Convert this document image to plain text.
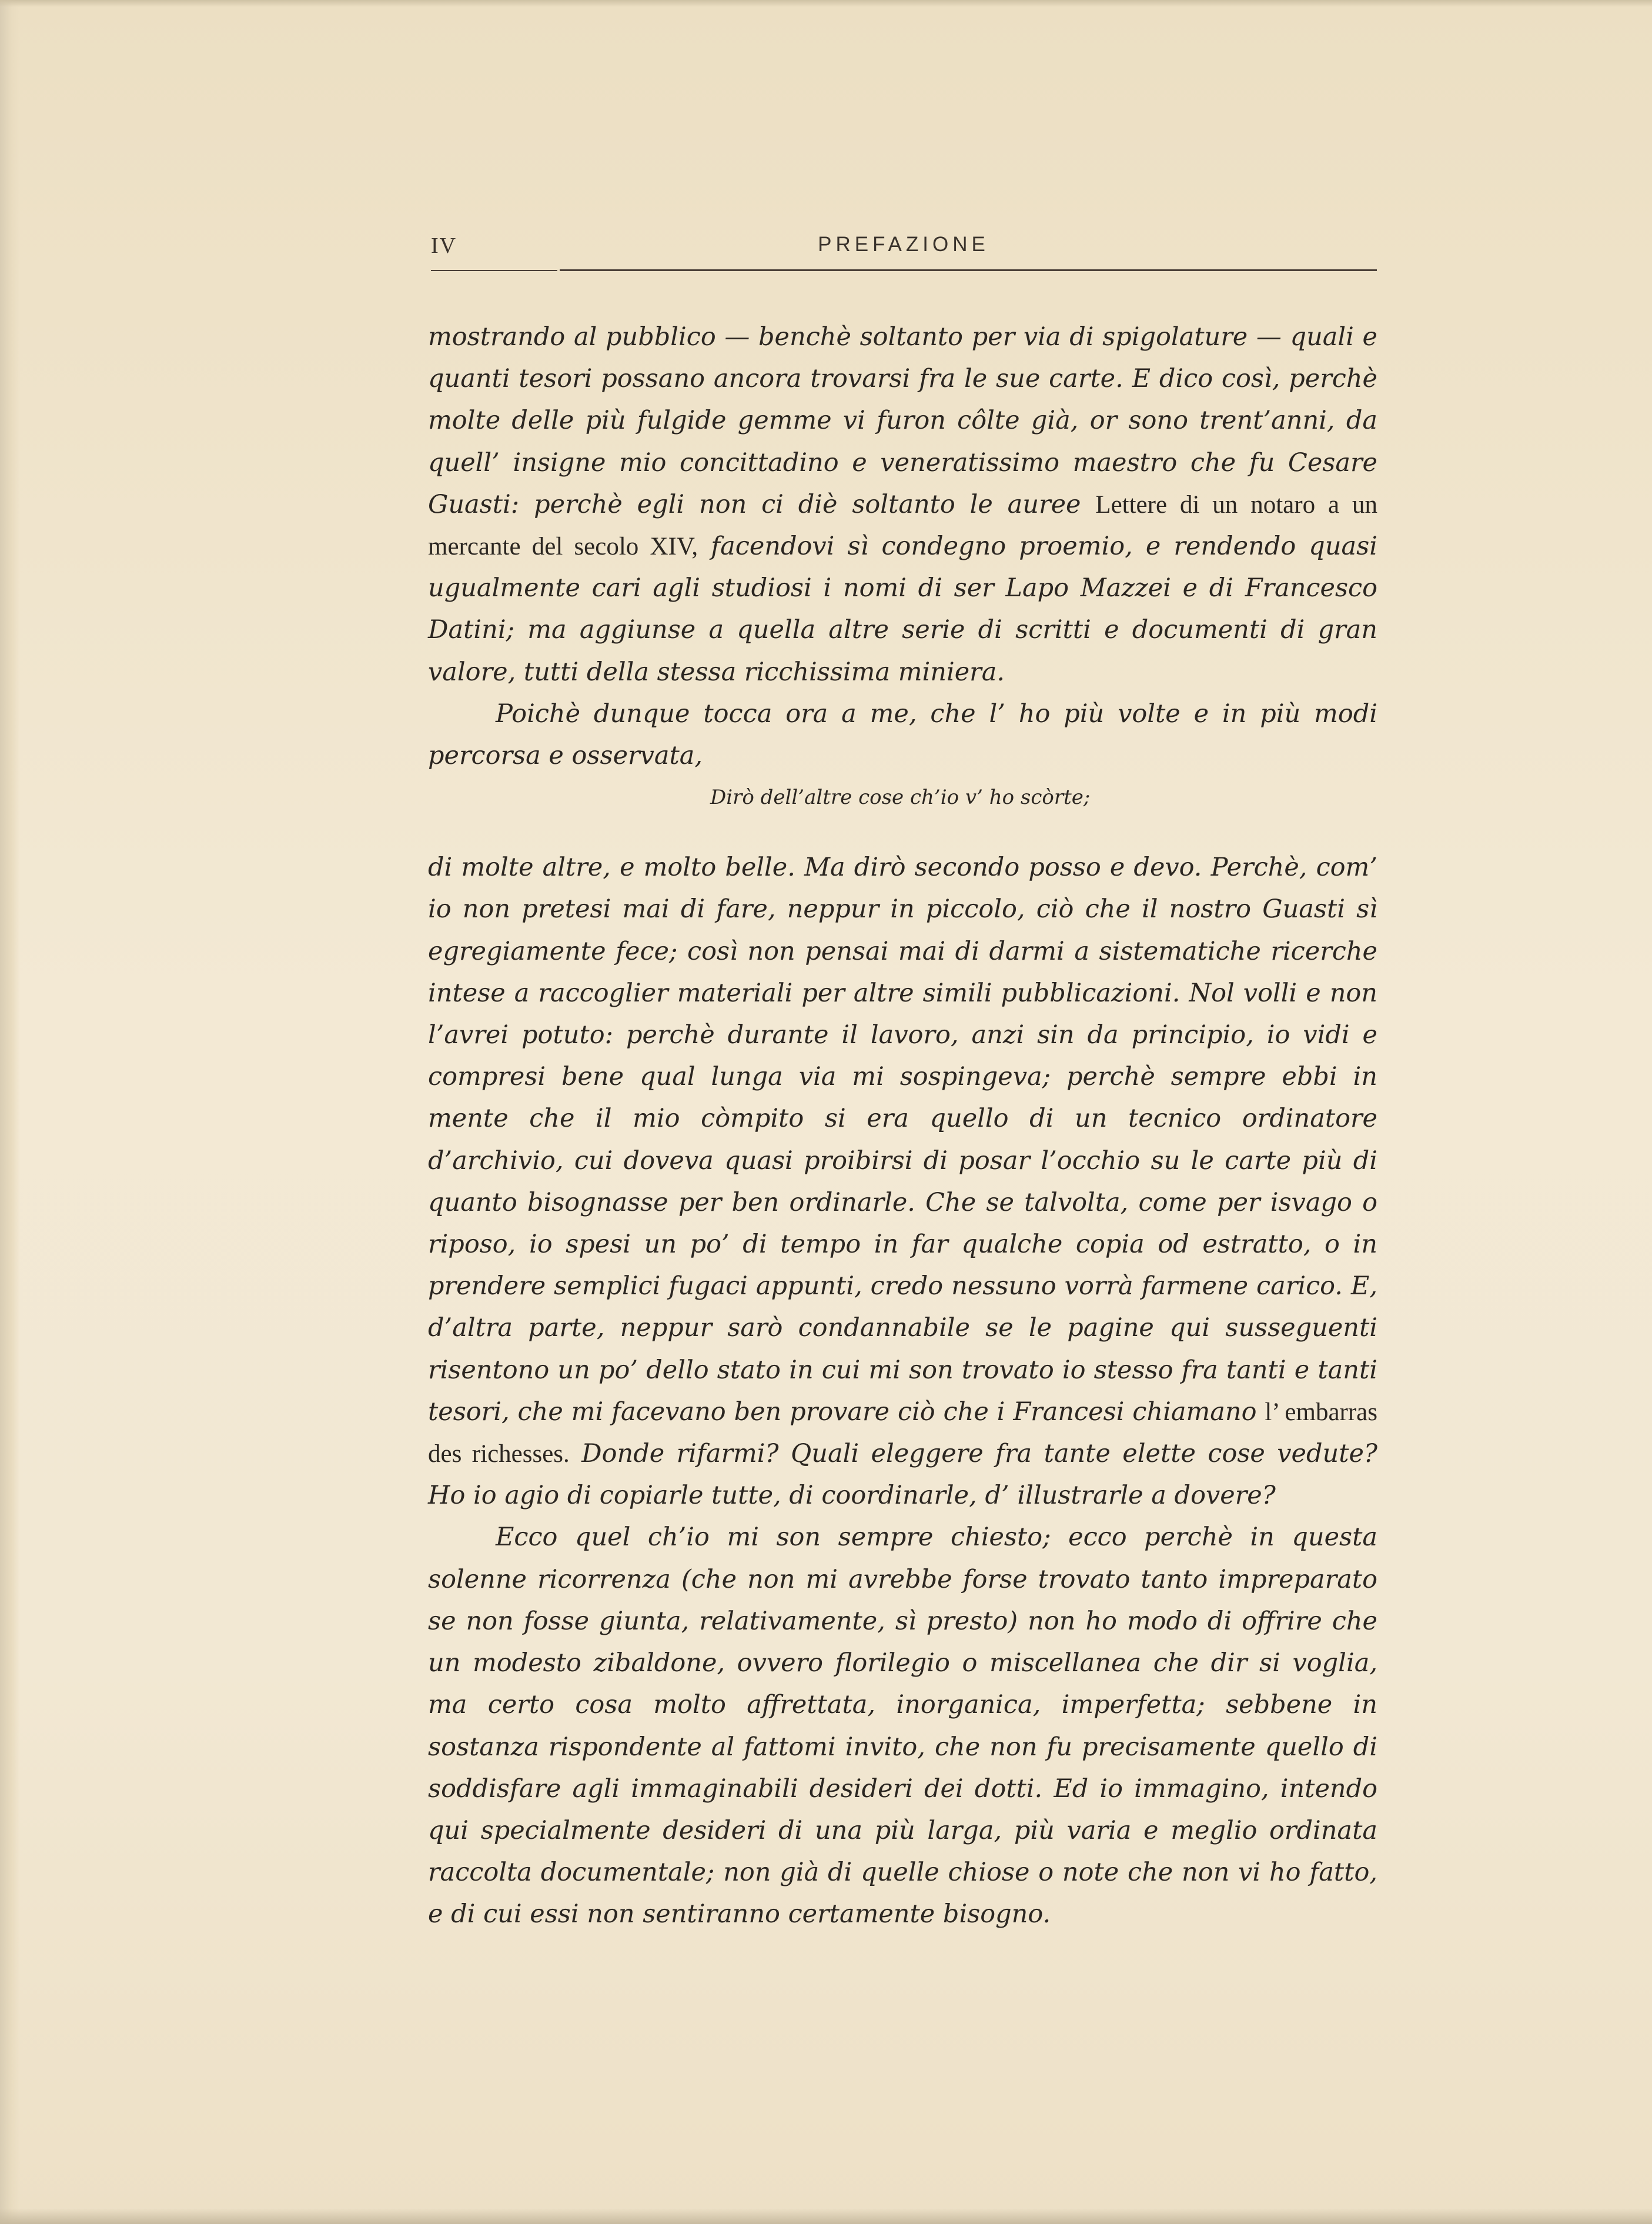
IV	PREFAZIONE

mostrando al pubblico — benchè soltanto per via di spigolature — quali e quanti tesori possano ancora trovarsi fra le sue carte. E dico così, perchè molte delle più fulgide gemme vi furon côlte già, or sono trent’anni, da quell’ insigne mio concittadino e veneratissimo maestro che fu Cesare Guasti: perchè egli non ci diè soltanto le auree Lettere di un notaro a un mercante del secolo XIV, facendovi sì condegno proemio, e rendendo quasi ugualmente cari agli studiosi i nomi di ser Lapo Mazzei e di Francesco Datini; ma aggiunse a quella altre serie di scritti e documenti di gran valore, tutti della stessa ricchissima miniera.

Poichè dunque tocca ora a me, che l’ ho più volte e in più modi percorsa e osservata,

Dirò dell’altre cose ch’io v’ ho scòrte;

di molte altre, e molto belle. Ma dirò secondo posso e devo. Perchè, com’ io non pretesi mai di fare, neppur in piccolo, ciò che il nostro Guasti sì egregiamente fece; così non pensai mai di darmi a sistematiche ricerche intese a raccoglier materiali per altre simili pubblicazioni. Nol volli e non l’avrei potuto: perchè durante il lavoro, anzi sin da principio, io vidi e compresi bene qual lunga via mi sospingeva; perchè sempre ebbi in mente che il mio còmpito si era quello di un tecnico ordinatore d’archivio, cui doveva quasi proibirsi di posar l’occhio su le carte più di quanto bisognasse per ben ordinarle. Che se talvolta, come per isvago o riposo, io spesi un po’ di tempo in far qualche copia od estratto, o in prendere semplici fugaci appunti, credo nessuno vorrà farmene carico. E, d’altra parte, neppur sarò condannabile se le pagine qui susseguenti risentono un po’ dello stato in cui mi son trovato io stesso fra tanti e tanti tesori, che mi facevano ben provare ciò che i Francesi chiamano l’ embarras des richesses. Donde rifarmi? Quali eleggere fra tante elette cose vedute? Ho io agio di copiarle tutte, di coordinarle, d’ illustrarle a dovere?

Ecco quel ch’io mi son sempre chiesto; ecco perchè in questa solenne ricorrenza (che non mi avrebbe forse trovato tanto impreparato se non fosse giunta, relativamente, sì presto) non ho modo di offrire che un modesto zibaldone, ovvero florilegio o miscellanea che dir si voglia, ma certo cosa molto affrettata, inorganica, imperfetta; sebbene in sostanza rispondente al fattomi invito, che non fu precisamente quello di soddisfare agli immaginabili desideri dei dotti. Ed io immagino, intendo qui specialmente desideri di una più larga, più varia e meglio ordinata raccolta documentale; non già di quelle chiose o note che non vi ho fatto, e di cui essi non sentiranno certamente bisogno.
